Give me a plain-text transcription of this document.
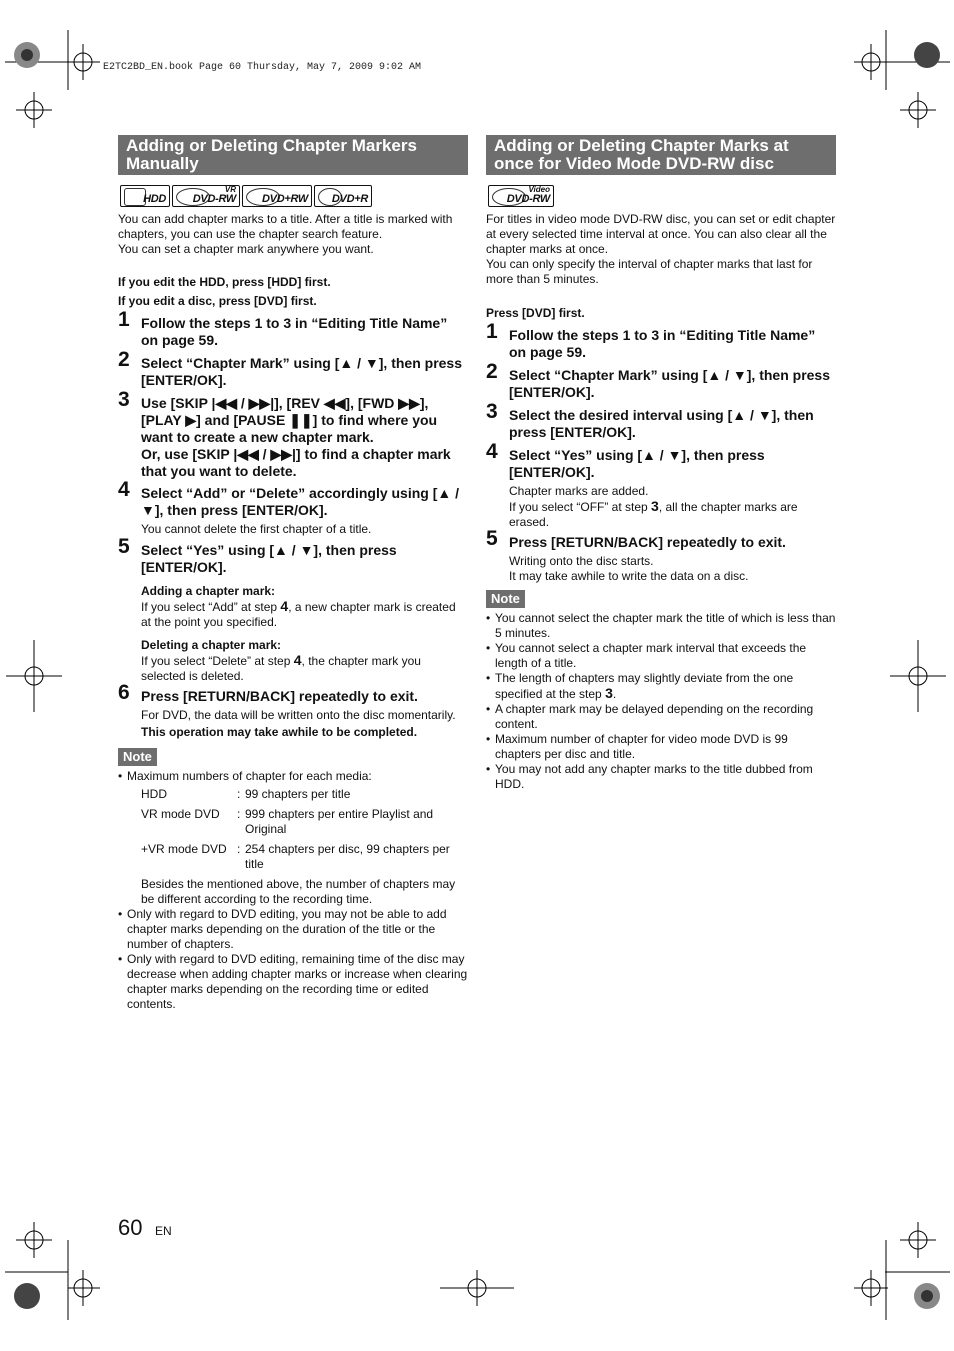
E2TC2BD_EN.book Page 60 Thursday, May 7, 2009 9:02 AM
Adding or Deleting Chapter Markers Manually
HDD
VR
DVD-RW DVD+RW DVD+R

You can add chapter marks to a title. After a title is marked with chapters, you can use the chapter search feature.

You can set a chapter mark anywhere you want.

If you edit the HDD, press [HDD] first.

If you edit a disc, press [DVD] first.

1 Follow the steps 1 to 3 in “Editing Title Name” on page 59.
2 Select “Chapter Mark” using [▲ / ▼], then press [ENTER/OK].
3 Use [SKIP |◀◀ / ▶▶|], [REV ◀◀], [FWD ▶▶], [PLAY ▶] and [PAUSE ❚❚] to find where you want to create a new chapter mark.
Or, use [SKIP |◀◀ / ▶▶|] to find a chapter mark that you want to delete.
4 Select “Add” or “Delete” accordingly using [▲ / ▼], then press [ENTER/OK].

You cannot delete the first chapter of a title.

5 Select “Yes” using [▲ / ▼], then press [ENTER/OK].

Adding a chapter mark:

If you select “Add” at step 4, a new chapter mark is created at the point you specified.

Deleting a chapter mark:

If you select “Delete” at step 4, the chapter mark you selected is deleted.

6 Press [RETURN/BACK] repeatedly to exit.

For DVD, the data will be written onto the disc momentarily.

This operation may take awhile to be completed.

Note
• Maximum numbers of chapter for each media:
HDD	: 99 chapters per title
VR mode DVD	: 999 chapters per entire Playlist and Original
+VR mode DVD : 254 chapters per disc, 99 chapters per title

Besides the mentioned above, the number of chapters may be different according to the recording time.

• Only with regard to DVD editing, you may not be able to add chapter marks depending on the duration of the title or the number of chapters.
• Only with regard to DVD editing, remaining time of the disc may decrease when adding chapter marks or increase when clearing chapter marks depending on the recording time or edited contents.
Adding or Deleting Chapter Marks at once for Video Mode DVD-RW disc
Video
DVD-RW

For titles in video mode DVD-RW disc, you can set or edit chapter at every selected time interval at once. You can also clear all the chapter marks at once.

You can only specify the interval of chapter marks that last for more than 5 minutes.

Press [DVD] first.

1 Follow the steps 1 to 3 in “Editing Title Name” on page 59.
2 Select “Chapter Mark” using [▲ / ▼], then press [ENTER/OK].
3 Select the desired interval using [▲ / ▼], then press [ENTER/OK].
4 Select “Yes” using [▲ / ▼], then press [ENTER/OK].

Chapter marks are added.

If you select “OFF” at step 3, all the chapter marks are erased.

5 Press [RETURN/BACK] repeatedly to exit.

Writing onto the disc starts.

It may take awhile to write the data on a disc.

Note
• You cannot select the chapter mark the title of which is less than 5 minutes.
• You cannot select a chapter mark interval that exceeds the length of a title.
• The length of chapters may slightly deviate from the one specified at the step 3.
• A chapter mark may be delayed depending on the recording content.
• Maximum number of chapter for video mode DVD is 99 chapters per disc and title.
• You may not add any chapter marks to the title dubbed from HDD.
60 EN
